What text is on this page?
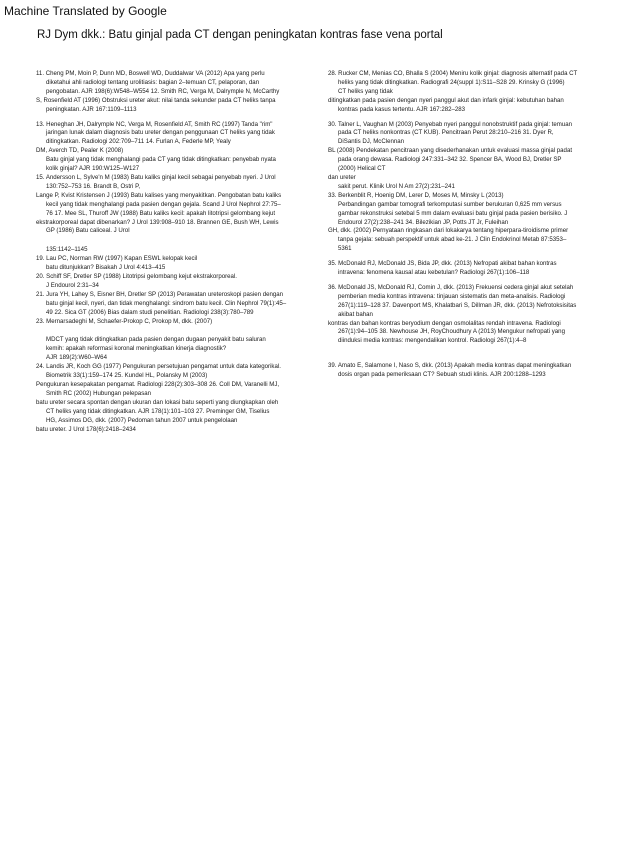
Machine Translated by Google
RJ Dym dkk.: Batu ginjal pada CT dengan peningkatan kontras fase vena portal
11. Cheng PM, Moin P, Dunn MD, Boswell WD, Duddalwar VA (2012) Apa yang perlu
diketahui ahli radiologi tentang urolitiasis: bagian 2–temuan CT, pelaporan, dan
pengobatan. AJR 198(6):W548–W554 12. Smith RC, Verga M, Dalrymple N, McCarthy
S, Rosenfield AT (1996) Obstruksi ureter akut: nilai tanda sekunder pada CT heliks tanpa
peningkatan. AJR 167:1109–1113
13. Heneghan JH, Dalrymple NC, Verga M, Rosenfield AT, Smith RC (1997) Tanda "rim"
jaringan lunak dalam diagnosis batu ureter dengan penggunaan CT heliks yang tidak
ditingkatkan. Radiologi 202:709–711 14. Furlan A, Federle MP, Yealy
DM, Averch TD, Pealer K (2008)
Batu ginjal yang tidak menghalangi pada CT yang tidak ditingkatkan: penyebab nyata
kolik ginjal? AJR 190:W125–W127
15. Andersson L, Sylve'n M (1983) Batu kaliks ginjal kecil sebagai penyebab nyeri. J Urol
130:752–753 16. Brandt B, Ostri P,
Lange P, Kvist Kristensen J (1993) Batu kalises yang menyakitkan. Pengobatan batu kaliks
kecil yang tidak menghalangi pada pasien dengan gejala. Scand J Urol Nephrol 27:75–
76 17. Mee SL, Thuroff JW (1988) Batu kaliks kecil: apakah litotripsi gelombang kejut
ekstrakorporeal dapat dibenarkan? J Urol 139:908–910 18. Brannen GE, Bush WH, Lewis
GP (1986) Batu caliceal. J Urol
135:1142–1145
19. Lau PC, Norman RW (1997) Kapan ESWL kelopak kecil
batu ditunjukkan? Bisakah J Urol 4:413–415
20. Schiff SF, Dretler SP (1988) Litotripsi gelombang kejut ekstrakorporeal.
J Endourol 2:31–34
21. Jura YH, Lahey S, Eisner BH, Dretler SP (2013) Perawatan ureteroskopi pasien dengan
batu ginjal kecil, nyeri, dan tidak menghalangi: sindrom batu kecil. Clin Nephrol 79(1):45–
49 22. Sica GT (2006) Bias dalam studi penelitian. Radiologi 238(3):780–789
23. Mernarsadeghi M, Schaefer-Prokop C, Prokop M, dkk. (2007)
MDCT yang tidak ditingkatkan pada pasien dengan dugaan penyakit batu saluran
kemih: apakah reformasi koronal meningkatkan kinerja diagnostik?
AJR 189(2):W60–W64
24. Landis JR, Koch GG (1977) Pengukuran persetujuan pengamat untuk data kategorikal.
Biometrik 33(1):159–174 25. Kundel HL, Polansky M (2003)
Pengukuran kesepakatan pengamat. Radiologi 228(2):303–308 26. Coll DM, Varanelli MJ,
Smith RC (2002) Hubungan pelepasan
batu ureter secara spontan dengan ukuran dan lokasi batu seperti yang diungkapkan oleh
CT heliks yang tidak ditingkatkan. AJR 178(1):101–103 27. Preminger GM, Tiselius
HG, Assimos DG, dkk. (2007) Pedoman tahun 2007 untuk pengelolaan
batu ureter. J Urol 178(6):2418–2434
28. Rucker CM, Menias CO, Bhalla S (2004) Meniru kolik ginjal: diagnosis alternatif pada CT
heliks yang tidak ditingkatkan. Radiografi 24(suppl 1):S11–S28 29. Krinsky G (1996)
CT heliks yang tidak
ditingkatkan pada pasien dengan nyeri panggul akut dan infark ginjal: kebutuhan bahan
kontras pada kasus tertentu. AJR 167:282–283
30. Talner L, Vaughan M (2003) Penyebab nyeri panggul nonobstruktif pada ginjal: temuan
pada CT heliks nonkontras (CT KUB). Pencitraan Perut 28:210–216 31. Dyer R,
DiSantis DJ, McClennan
BL (2008) Pendekatan pencitraan yang disederhanakan untuk evaluasi massa ginjal padat
pada orang dewasa. Radiologi 247:331–342 32. Spencer BA, Wood BJ, Dretler SP
(2000) Helical CT
dan ureter
sakit perut. Klinik Urol N Am 27(2):231–241
33. Berkenblit R, Hoenig DM, Lerer D, Moses M, Minsky L (2013)
Perbandingan gambar tomografi terkomputasi sumber berukuran 0,625 mm versus
gambar rekonstruksi setebal 5 mm dalam evaluasi batu ginjal pada pasien berisiko. J
Endourol 27(2):238–241 34. Bilezikian JP, Potts JT Jr, Fuleihan
GH, dkk. (2002) Pernyataan ringkasan dari lokakarya tentang hiperpara-tiroidisme primer
tanpa gejala: sebuah perspektif untuk abad ke-21. J Clin Endokrinol Metab 87:5353–
5361
35. McDonald RJ, McDonald JS, Bida JP, dkk. (2013) Nefropati akibat bahan kontras
intravena: fenomena kausal atau kebetulan? Radiologi 267(1):106–118
36. McDonald JS, McDonald RJ, Comin J, dkk. (2013) Frekuensi cedera ginjal akut setelah
pemberian media kontras intravena: tinjauan sistematis dan meta-analisis. Radiologi
267(1):119–128 37. Davenport MS, Khalatbari S, Dillman JR, dkk. (2013) Nefrotoksisitas
akibat bahan
kontras dan bahan kontras beryodium dengan osmolalitas rendah intravena. Radiologi
267(1):94–105 38. Newhouse JH, RoyChoudhury A (2013) Mengukur nefropati yang
diinduksi media kontras: mengendalikan kontrol. Radiologi 267(1):4–8
39. Amato E, Salamone I, Naso S, dkk. (2013) Apakah media kontras dapat meningkatkan
dosis organ pada pemeriksaan CT? Sebuah studi klinis. AJR 200:1288–1293
